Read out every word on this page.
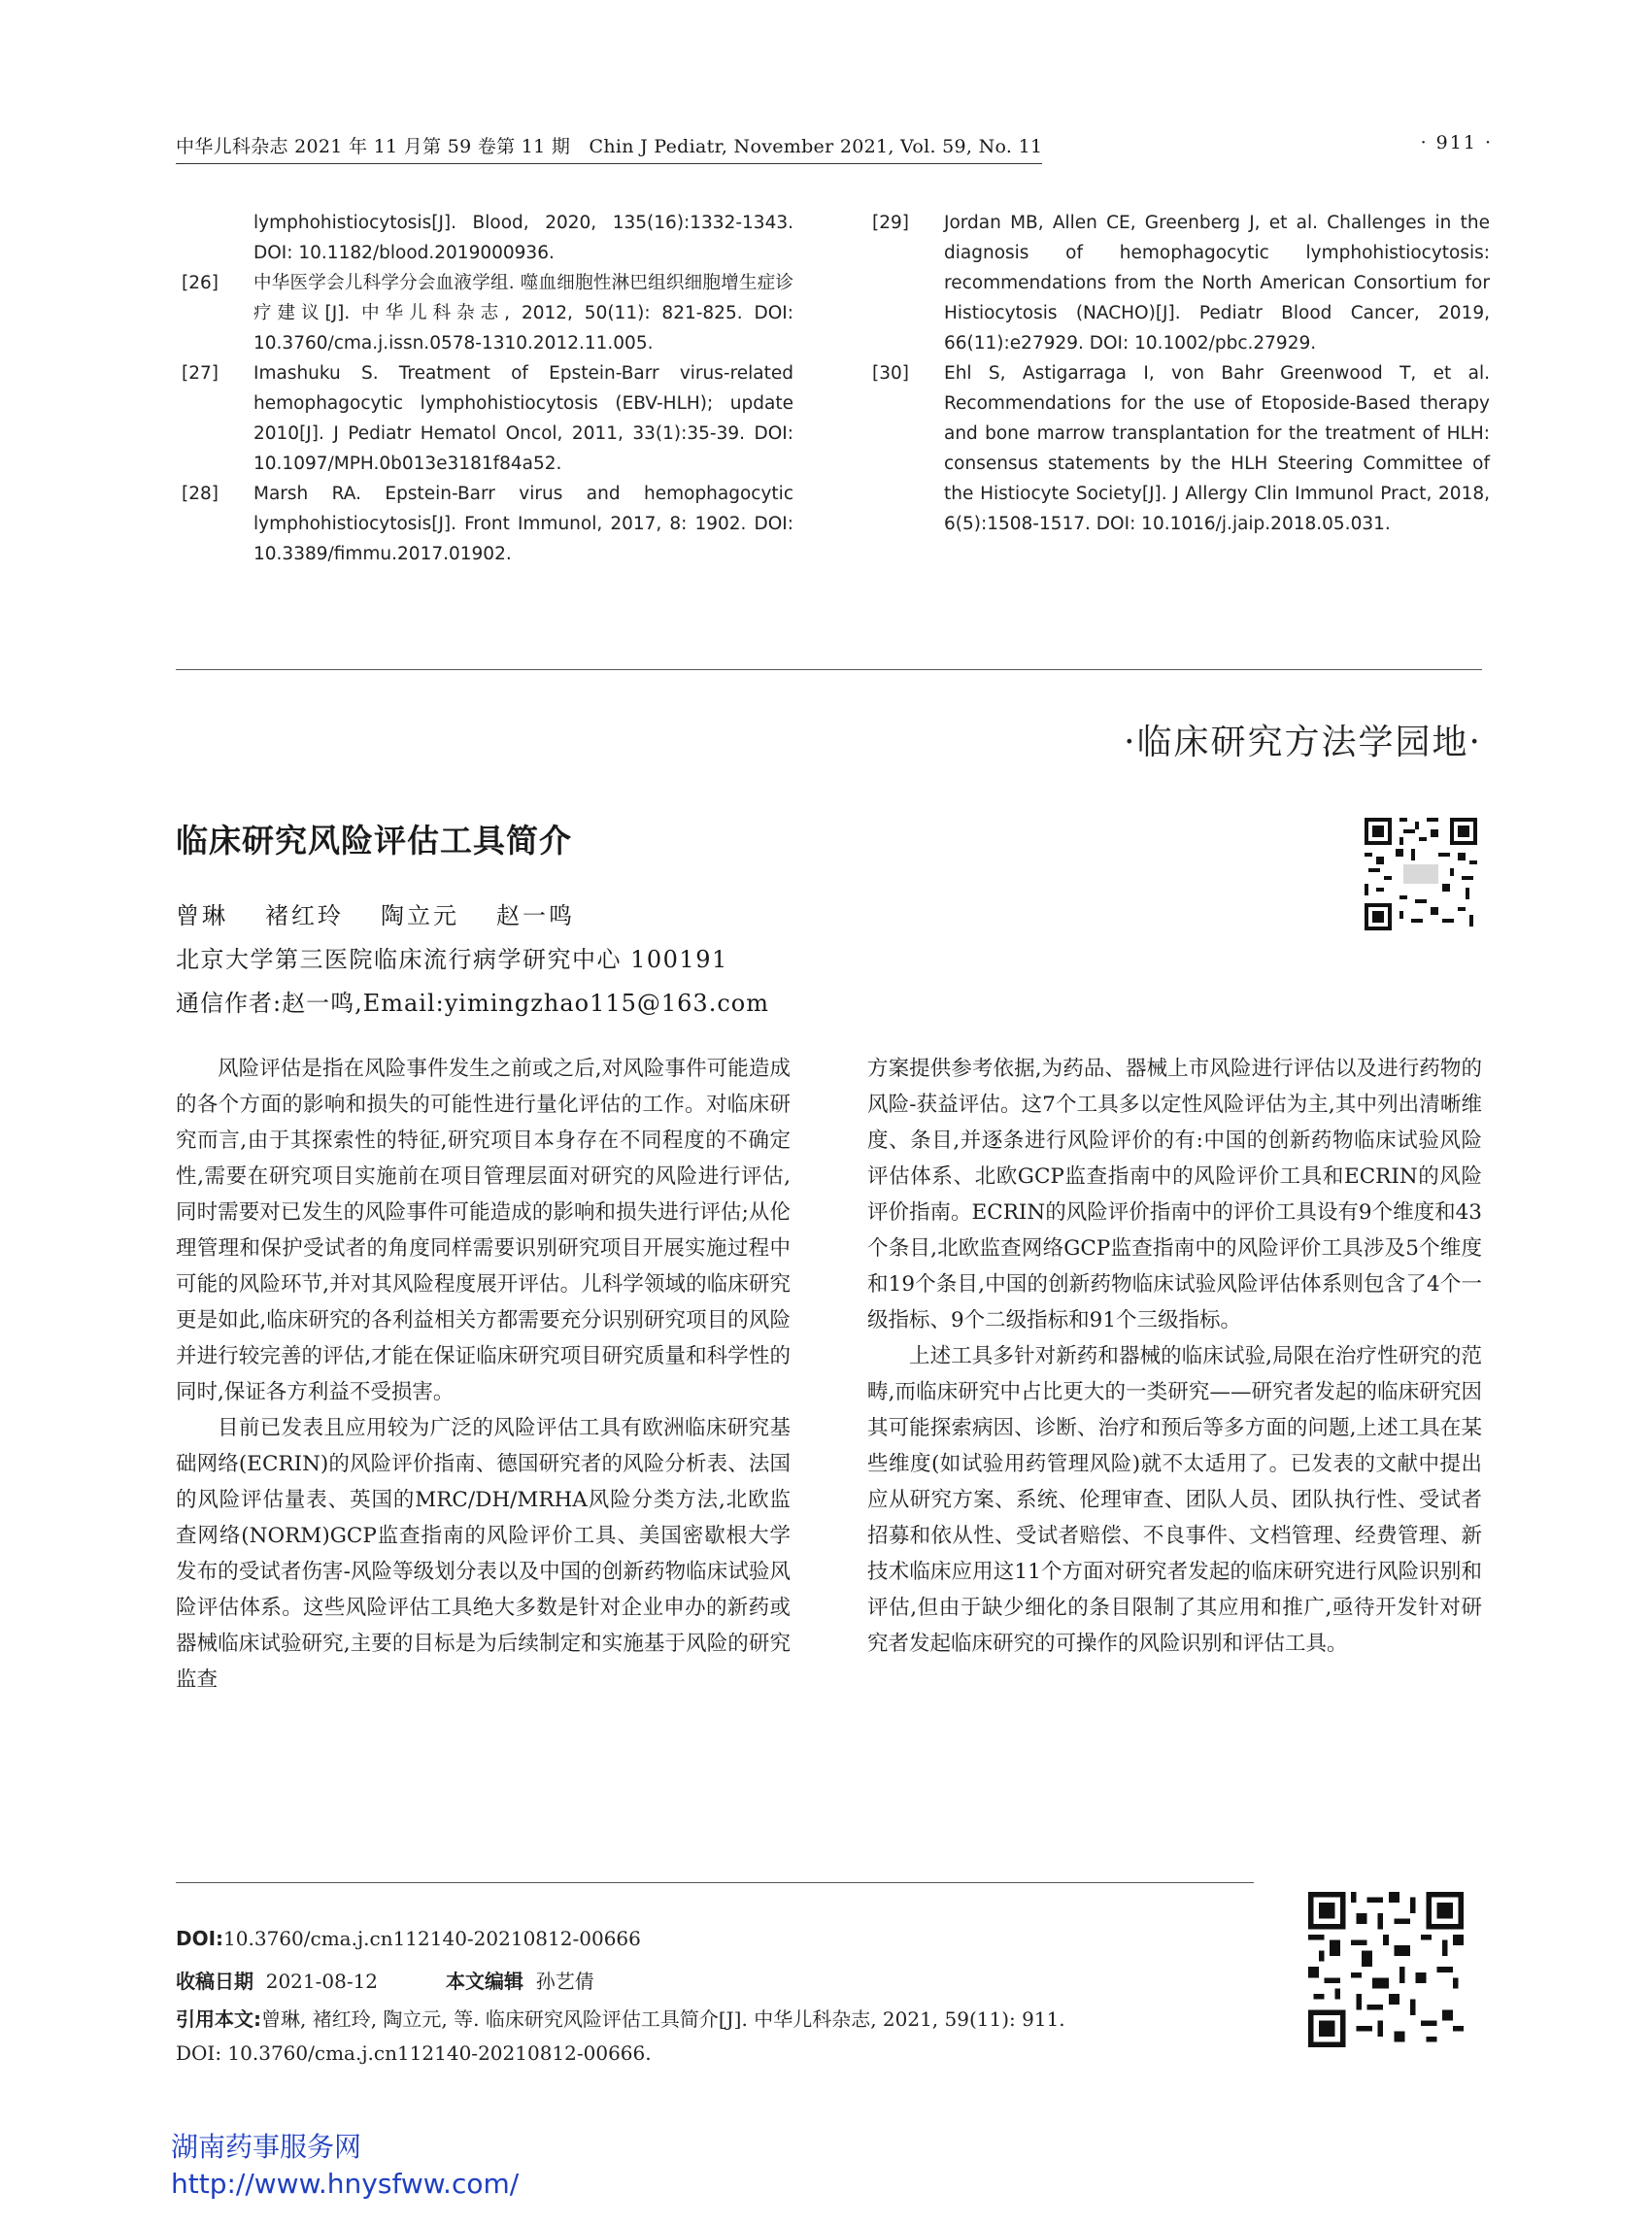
中华儿科杂志 2021 年 11 月第 59 卷第 11 期　Chin J Pediatr, November 2021, Vol. 59, No. 11	· 911 ·
lymphohistiocytosis[J]. Blood, 2020, 135(16):1332-1343. DOI: 10.1182/blood.2019000936.
[26] 中华医学会儿科学分会血液学组. 噬血细胞性淋巴组织细胞增生症诊疗建议[J]. 中华儿科杂志, 2012, 50(11): 821-825. DOI: 10.3760/cma.j.issn.0578-1310.2012.11.005.
[27] Imashuku S. Treatment of Epstein-Barr virus-related hemophagocytic lymphohistiocytosis (EBV-HLH); update 2010[J]. J Pediatr Hematol Oncol, 2011, 33(1):35-39. DOI: 10.1097/MPH.0b013e3181f84a52.
[28] Marsh RA. Epstein-Barr virus and hemophagocytic lymphohistiocytosis[J]. Front Immunol, 2017, 8: 1902. DOI: 10.3389/fimmu.2017.01902.
[29] Jordan MB, Allen CE, Greenberg J, et al. Challenges in the diagnosis of hemophagocytic lymphohistiocytosis: recommendations from the North American Consortium for Histiocytosis (NACHO)[J]. Pediatr Blood Cancer, 2019, 66(11):e27929. DOI: 10.1002/pbc.27929.
[30] Ehl S, Astigarraga I, von Bahr Greenwood T, et al. Recommendations for the use of Etoposide-Based therapy and bone marrow transplantation for the treatment of HLH: consensus statements by the HLH Steering Committee of the Histiocyte Society[J]. J Allergy Clin Immunol Pract, 2018, 6(5):1508-1517. DOI: 10.1016/j.jaip.2018.05.031.
·临床研究方法学园地·
临床研究风险评估工具简介
曾琳 褚红玲 陶立元 赵一鸣
北京大学第三医院临床流行病学研究中心 100191
通信作者:赵一鸣,Email:yimingzhao115@163.com

风险评估是指在风险事件发生之前或之后,对风险事件可能造成的各个方面的影响和损失的可能性进行量化评估的工作。对临床研究而言,由于其探索性的特征,研究项目本身存在不同程度的不确定性,需要在研究项目实施前在项目管理层面对研究的风险进行评估,同时需要对已发生的风险事件可能造成的影响和损失进行评估;从伦理管理和保护受试者的角度同样需要识别研究项目开展实施过程中可能的风险环节,并对其风险程度展开评估。儿科学领域的临床研究更是如此,临床研究的各利益相关方都需要充分识别研究项目的风险并进行较完善的评估,才能在保证临床研究项目研究质量和科学性的同时,保证各方利益不受损害。

目前已发表且应用较为广泛的风险评估工具有欧洲临床研究基础网络(ECRIN)的风险评价指南、德国研究者的风险分析表、法国的风险评估量表、英国的MRC/DH/MRHA风险分类方法,北欧监查网络(NORM)GCP监查指南的风险评价工具、美国密歇根大学发布的受试者伤害-风险等级划分表以及中国的创新药物临床试验风险评估体系。这些风险评估工具绝大多数是针对企业申办的新药或器械临床试验研究,主要的目标是为后续制定和实施基于风险的研究监查

方案提供参考依据,为药品、器械上市风险进行评估以及进行药物的风险-获益评估。这7个工具多以定性风险评估为主,其中列出清晰维度、条目,并逐条进行风险评价的有:中国的创新药物临床试验风险评估体系、北欧GCP监查指南中的风险评价工具和ECRIN的风险评价指南。ECRIN的风险评价指南中的评价工具设有9个维度和43个条目,北欧监查网络GCP监查指南中的风险评价工具涉及5个维度和19个条目,中国的创新药物临床试验风险评估体系则包含了4个一级指标、9个二级指标和91个三级指标。

上述工具多针对新药和器械的临床试验,局限在治疗性研究的范畴,而临床研究中占比更大的一类研究——研究者发起的临床研究因其可能探索病因、诊断、治疗和预后等多方面的问题,上述工具在某些维度(如试验用药管理风险)就不太适用了。已发表的文献中提出应从研究方案、系统、伦理审查、团队人员、团队执行性、受试者招募和依从性、受试者赔偿、不良事件、文档管理、经费管理、新技术临床应用这11个方面对研究者发起的临床研究进行风险识别和评估,但由于缺少细化的条目限制了其应用和推广,亟待开发针对研究者发起临床研究的可操作的风险识别和评估工具。

DOI:10.3760/cma.j.cn112140-20210812-00666
收稿日期 2021-08-12	本文编辑 孙艺倩
引用本文:曾琳, 褚红玲, 陶立元, 等. 临床研究风险评估工具简介[J]. 中华儿科杂志, 2021, 59(11): 911.
DOI: 10.3760/cma.j.cn112140-20210812-00666.
湖南药事服务网
http://www.hnysfww.com/
